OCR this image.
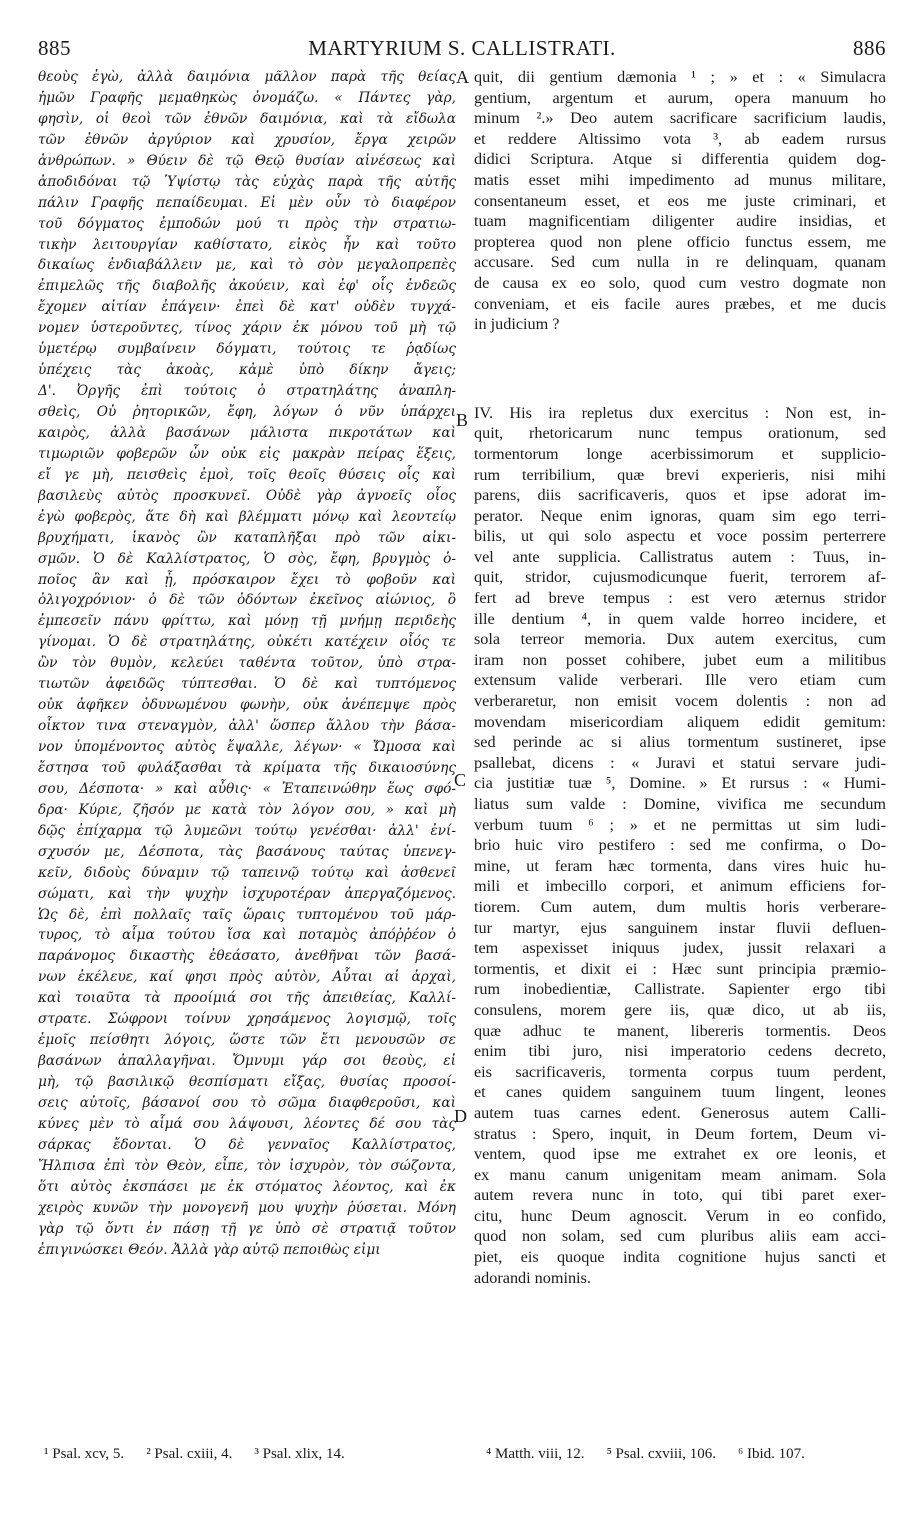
885	MARTYRIUM S. CALLISTRATI.	886
θεοὺς ἐγὼ, ἀλλὰ δαιμόνια μᾶλλον παρὰ τῆς θείας
ἡμῶν Γραφῆς μεμαθηκὼς ὀνομάζω. « Πάντες γὰρ,
φησὶν, οἱ θεοὶ τῶν ἐθνῶν δαιμόνια, καὶ τὰ εἴδωλα
τῶν ἐθνῶν ἀργύριον καὶ χρυσίον, ἔργα χειρῶν
ἀνθρώπων. » Θύειν δὲ τῷ Θεῷ θυσίαν αἰνέσεως καὶ
ἀποδιδόναι τῷ Ὑψίστῳ τὰς εὐχὰς παρὰ τῆς αὐτῆς
πάλιν Γραφῆς πεπαίδευμαι. Εἰ μὲν οὖν τὸ διαφέρον
τοῦ δόγματος ἐμποδών μού τι πρὸς τὴν στρατιω-
τικὴν λειτουργίαν καθίστατο, εἰκὸς ἦν καὶ τοῦτο
δικαίως ἐνδιαβάλλειν με, καὶ τὸ σὸν μεγαλοπρεπὲς
ἐπιμελῶς τῆς διαβολῆς ἀκούειν, καὶ ἐφ' οἷς ἐνδεῶς
ἔχομεν αἰτίαν ἐπάγειν· ἐπεὶ δὲ κατ' οὐδὲν τυγχά-
νομεν ὑστεροῦντες, τίνος χάριν ἐκ μόνου τοῦ μὴ τῷ
ὑμετέρῳ συμβαίνειν δόγματι, τούτοις τε ῥᾳδίως
ὑπέχεις τὰς ἀκοὰς, κἀμὲ ὑπὸ δίκην ἄγεις;
Δ'. Ὀργῆς ἐπὶ τούτοις ὁ στρατηλάτης ἀναπλη-
σθεὶς, Οὐ ῥητορικῶν, ἔφη, λόγων ὁ νῦν ὑπάρχει
καιρὸς, ἀλλὰ βασάνων μάλιστα πικροτάτων καὶ
τιμωριῶν φοβερῶν ὧν οὐκ εἰς μακρὰν πείρας ἕξεις,
εἴ γε μὴ, πεισθεὶς ἐμοὶ, τοῖς θεοῖς θύσεις οἷς καὶ
βασιλεὺς αὐτὸς προσκυνεῖ. Οὐδὲ γὰρ ἀγνοεῖς οἷος
ἐγὼ φοβερὸς, ἅτε δὴ καὶ βλέμματι μόνῳ καὶ λεοντείῳ
βρυχήματι, ἱκανὸς ὢν καταπλῆξαι πρὸ τῶν αἰκι-
σμῶν. Ὁ δὲ Καλλίστρατος, Ὁ σὸς, ἔφη, βρυγμὸς ὁ-
ποῖος ἂν καὶ ᾖ, πρόσκαιρον ἔχει τὸ φοβοῦν καὶ
ὀλιγοχρόνιον· ὁ δὲ τῶν ὀδόντων ἐκεῖνος αἰώνιος, ὃ
ἐμπεσεῖν πάνυ φρίττω, καὶ μόνῃ τῇ μνήμῃ περιδεὴς
γίνομαι. Ὁ δὲ στρατηλάτης, οὐκέτι κατέχειν οἷός τε
ὢν τὸν θυμὸν, κελεύει ταθέντα τοῦτον, ὑπὸ στρα-
τιωτῶν ἀφειδῶς τύπτεσθαι. Ὁ δὲ καὶ τυπτόμενος
οὐκ ἀφῆκεν ὀδυνωμένου φωνὴν, οὐκ ἀνέπεμψε πρὸς
οἶκτον τινα στεναγμὸν, ἀλλ' ὥσπερ ἄλλου τὴν βάσα-
νον ὑπομένοντος αὐτὸς ἔψαλλε, λέγων· « Ὤμοσα καὶ
ἔστησα τοῦ φυλάξασθαι τὰ κρίματα τῆς δικαιοσύνης
σου, Δέσποτα· » καὶ αὖθις· « Ἐταπεινώθην ἕως σφό-
δρα· Κύριε, ζῆσόν με κατὰ τὸν λόγον σου, » καὶ μὴ
δῷς ἐπίχαρμα τῷ λυμεῶνι τούτῳ γενέσθαι· ἀλλ' ἐνί-
σχυσόν με, Δέσποτα, τὰς βασάνους ταύτας ὑπενεγ-
κεῖν, διδοὺς δύναμιν τῷ ταπεινῷ τούτῳ καὶ ἀσθενεῖ
σώματι, καὶ τὴν ψυχὴν ἰσχυροτέραν ἀπεργαζόμενος.
Ὡς δὲ, ἐπὶ πολλαῖς ταῖς ὥραις τυπτομένου τοῦ μάρ-
τυρος, τὸ αἷμα τούτου ἴσα καὶ ποταμὸς ἀπόῤῥέον ὁ
παράνομος δικαστὴς ἐθεάσατο, ἀνεθῆναι τῶν βασά-
νων ἐκέλευε, καί φησι πρὸς αὐτὸν, Αὗται αἱ ἀρχαὶ,
καὶ τοιαῦτα τὰ προοίμιά σοι τῆς ἀπειθείας, Καλλί-
στρατε. Σώφρονι τοίνυν χρησάμενος λογισμῷ, τοῖς
ἐμοῖς πείσθητι λόγοις, ὥστε τῶν ἔτι μενουσῶν σε
βασάνων ἀπαλλαγῆναι. Ὄμνυμι γάρ σοι θεοὺς, εἰ
μὴ, τῷ βασιλικῷ θεσπίσματι εἴξας, θυσίας προσοί-
σεις αὐτοῖς, βάσανοί σου τὸ σῶμα διαφθεροῦσι, καὶ
κύνες μὲν τὸ αἷμά σου λάψουσι, λέοντες δέ σου τὰς
σάρκας ἔδονται. Ὁ δὲ γενναῖος Καλλίστρατος,
Ἤλπισα ἐπὶ τὸν Θεὸν, εἶπε, τὸν ἰσχυρὸν, τὸν σώζοντα,
ὅτι αὐτὸς ἐκσπάσει με ἐκ στόματος λέοντος, καὶ ἐκ
χειρὸς κυνῶν τὴν μονογενῆ μου ψυχὴν ῥύσεται. Μόνη
γὰρ τῷ ὄντι ἐν πάσῃ τῇ γε ὑπὸ σὲ στρατιᾷ τοῦτον
ἐπιγινώσκει Θεόν. Ἀλλὰ γὰρ αὐτῷ πεποιθὼς εἰμι
A
B
C
D
quit, dii gentium dæmonia ¹ ; » et : « Simulacra
gentium, argentum et aurum, opera manuum ho
minum ².» Deo autem sacrificare sacrificium laudis,
et reddere Altissimo vota ³, ab eadem rursus
didici Scriptura. Atque si differentia quidem dog-
matis esset mihi impedimento ad munus militare,
consentaneum esset, et eos me juste criminari, et
tuam magnificentiam diligenter audire insidias, et
propterea quod non plene officio functus essem, me
accusare. Sed cum nulla in re delinquam, quanam
de causa ex eo solo, quod cum vestro dogmate non
conveniam, et eis facile aures præbes, et me ducis
in judicium ?
IV. His ira repletus dux exercitus : Non est, in-
quit, rhetoricarum nunc tempus orationum, sed
tormentorum longe acerbissimorum et supplicio-
rum terribilium, quæ brevi experieris, nisi mihi
parens, diis sacrificaveris, quos et ipse adorat im-
perator. Neque enim ignoras, quam sim ego terri-
bilis, ut qui solo aspectu et voce possim perterrere
vel ante supplicia. Callistratus autem : Tuus, in-
quit, stridor, cujusmodicunque fuerit, terrorem af-
fert ad breve tempus : est vero æternus stridor
ille dentium ⁴, in quem valde horreo incidere, et
sola terreor memoria. Dux autem exercitus, cum
iram non posset cohibere, jubet eum a militibus
extensum valide verberari. Ille vero etiam cum
verberaretur, non emisit vocem dolentis : non ad
movendam misericordiam aliquem edidit gemitum:
sed perinde ac si alius tormentum sustineret, ipse
psallebat, dicens : « Juravi et statui servare judi-
cia justitiæ tuæ ⁵, Domine. » Et rursus : « Humi-
liatus sum valde : Domine, vivifica me secundum
verbum tuum ⁶ ; » et ne permittas ut sim ludi-
brio huic viro pestifero : sed me confirma, o Do-
mine, ut feram hæc tormenta, dans vires huic hu-
mili et imbecillo corpori, et animum efficiens for-
tiorem. Cum autem, dum multis horis verberare-
tur martyr, ejus sanguinem instar fluvii defluen-
tem aspexisset iniquus judex, jussit relaxari a
tormentis, et dixit ei : Hæc sunt principia præmio-
rum inobedientiæ, Callistrate. Sapienter ergo tibi
consulens, morem gere iis, quæ dico, ut ab iis,
quæ adhuc te manent, libereris tormentis. Deos
enim tibi juro, nisi imperatorio cedens decreto,
eis sacrificaveris, tormenta corpus tuum perdent,
et canes quidem sanguinem tuum lingent, leones
autem tuas carnes edent. Generosus autem Calli-
stratus : Spero, inquit, in Deum fortem, Deum vi-
ventem, quod ipse me extrahet ex ore leonis, et
ex manu canum unigenitam meam animam. Sola
autem revera nunc in toto, qui tibi paret exer-
citu, hunc Deum agnoscit. Verum in eo confido,
quod non solam, sed cum pluribus aliis eam acci-
piet, eis quoque indita cognitione hujus sancti et
adorandi nominis.
¹ Psal. xcv, 5. ² Psal. cxiii, 4. ³ Psal. xlix, 14.	⁴ Matth. viii, 12. ⁵ Psal. cxviii, 106. ⁶ Ibid. 107.
